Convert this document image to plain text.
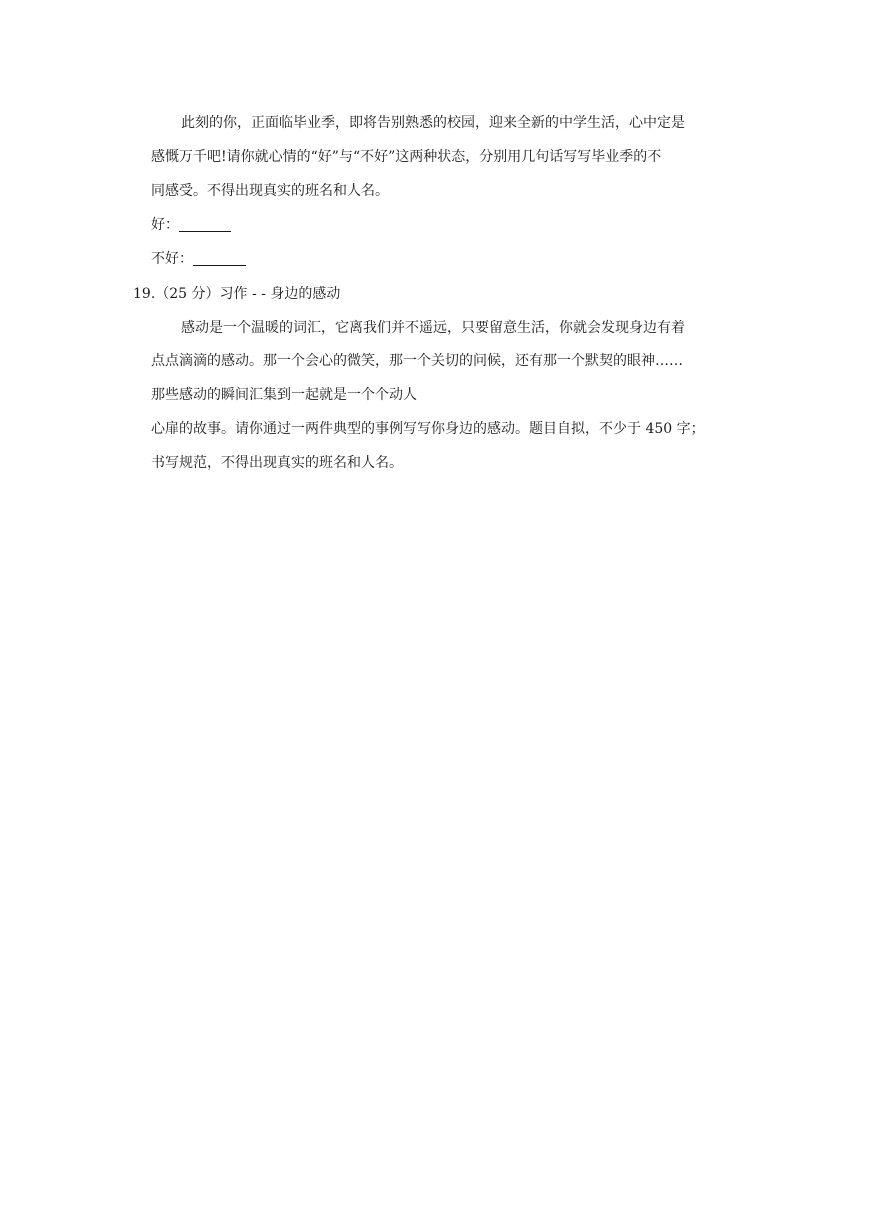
此刻的你，正面临毕业季，即将告别熟悉的校园，迎来全新的中学生活，心中定是
感慨万千吧!请你就心情的“好”与“不好”这两种状态，分别用几句话写写毕业季的不
同感受。不得出现真实的班名和人名。
好：
不好：
19.（25 分）习作 - - 身边的感动
感动是一个温暖的词汇，它离我们并不遥远，只要留意生活，你就会发现身边有着
点点滴滴的感动。那一个会心的微笑，那一个关切的问候，还有那一个默契的眼神……
那些感动的瞬间汇集到一起就是一个个动人
心扉的故事。请你通过一两件典型的事例写写你身边的感动。题目自拟，不少于 450 字；
书写规范，不得出现真实的班名和人名。
